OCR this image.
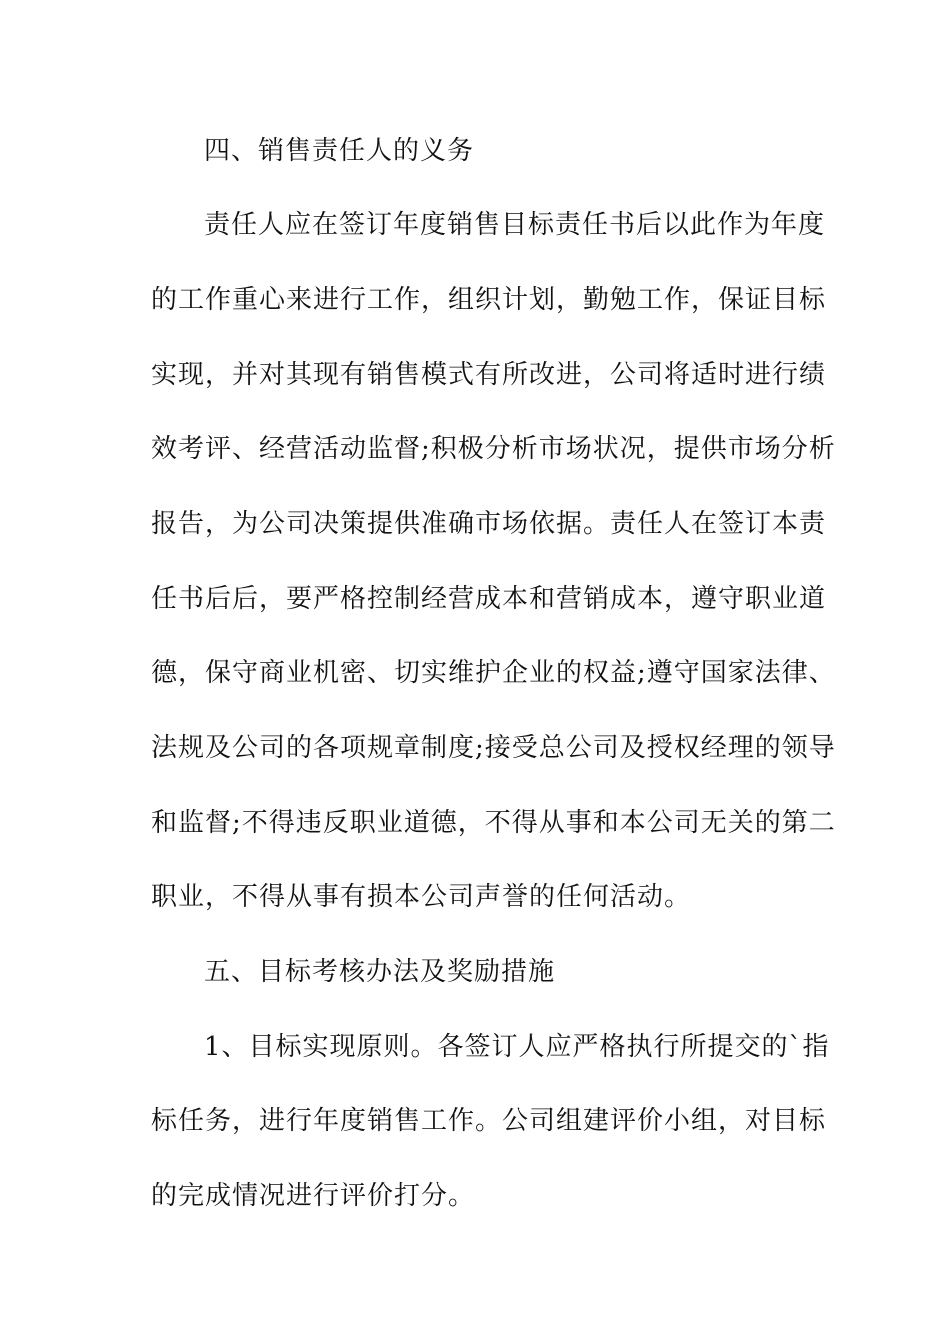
四、销售责任人的义务
责任人应在签订年度销售目标责任书后以此作为年度
的工作重心来进行工作，组织计划，勤勉工作，保证目标
实现，并对其现有销售模式有所改进，公司将适时进行绩
效考评、经营活动监督;积极分析市场状况，提供市场分析
报告，为公司决策提供准确市场依据。责任人在签订本责
任书后后，要严格控制经营成本和营销成本，遵守职业道
德，保守商业机密、切实维护企业的权益;遵守国家法律、
法规及公司的各项规章制度;接受总公司及授权经理的领导
和监督;不得违反职业道德，不得从事和本公司无关的第二
职业，不得从事有损本公司声誉的任何活动。
五、目标考核办法及奖励措施
1、目标实现原则。各签订人应严格执行所提交的`指
标任务，进行年度销售工作。公司组建评价小组，对目标
的完成情况进行评价打分。
